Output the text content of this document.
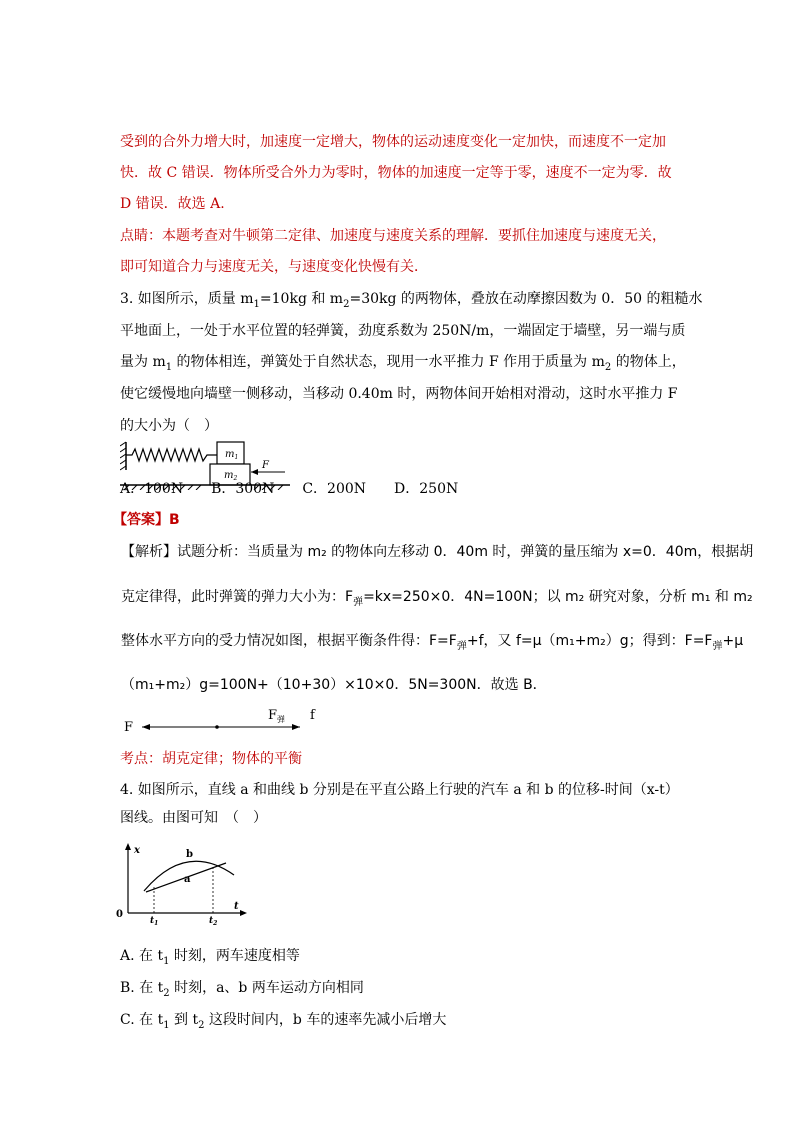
受到的合外力增大时，加速度一定增大，物体的运动速度变化一定加快，而速度不一定加
快．故 C 错误．物体所受合外力为零时，物体的加速度一定等于零，速度不一定为零．故
D 错误．故选 A.
点睛：本题考查对牛顿第二定律、加速度与速度关系的理解．要抓住加速度与速度无关，
即可知道合力与速度无关，与速度变化快慢有关．
3. 如图所示，质量 $m_1=10kg$ 和 $m_2=30kg$ 的两物体，叠放在动摩擦因数为 0．50 的粗糙水
平地面上，一处于水平位置的轻弹簧，劲度系数为 250N/m，一端固定于墙壁，另一端与质
量为 $m_1$ 的物体相连，弹簧处于自然状态，现用一水平推力 F 作用于质量为 $m_2$ 的物体上，
使它缓慢地向墙壁一侧移动，当移动 0.40m 时，两物体间开始相对滑动，这时水平推力 F
的大小为（　）
$m_1$
$m_2$
F
A．100N　　B．300N　　C．200N　　D．250N
【答案】B
【解析】试题分析：当质量为 m₂ 的物体向左移动 0．40m 时，弹簧的量压缩为 x=0．40m，根据胡
克定律得，此时弹簧的弹力大小为：$F_弹=kx=250\times 0$．4N=100N；以 m₂ 研究对象，分析 m₁ 和 m₂
整体水平方向的受力情况如图，根据平衡条件得：$F=F_弹+f$，又 f=μ（m₁+m₂）g；得到：$F=F_弹+\mu$
（m₁+m₂）g=100N+（10+30）×10×0．5N=300N．故选 B．
F
$F_弹$ f
考点：胡克定律；物体的平衡
4. 如图所示，直线 a 和曲线 b 分别是在平直公路上行驶的汽车 a 和 b 的位移-时间（x-t）
图线。由图可知　（　）
x
t
0
b
a
$t_1$	$t_2$
A. 在 $t_1$ 时刻，两车速度相等
B. 在 $t_2$ 时刻，a、b 两车运动方向相同
C. 在 $t_1$ 到 $t_2$ 这段时间内，b 车的速率先减小后增大
